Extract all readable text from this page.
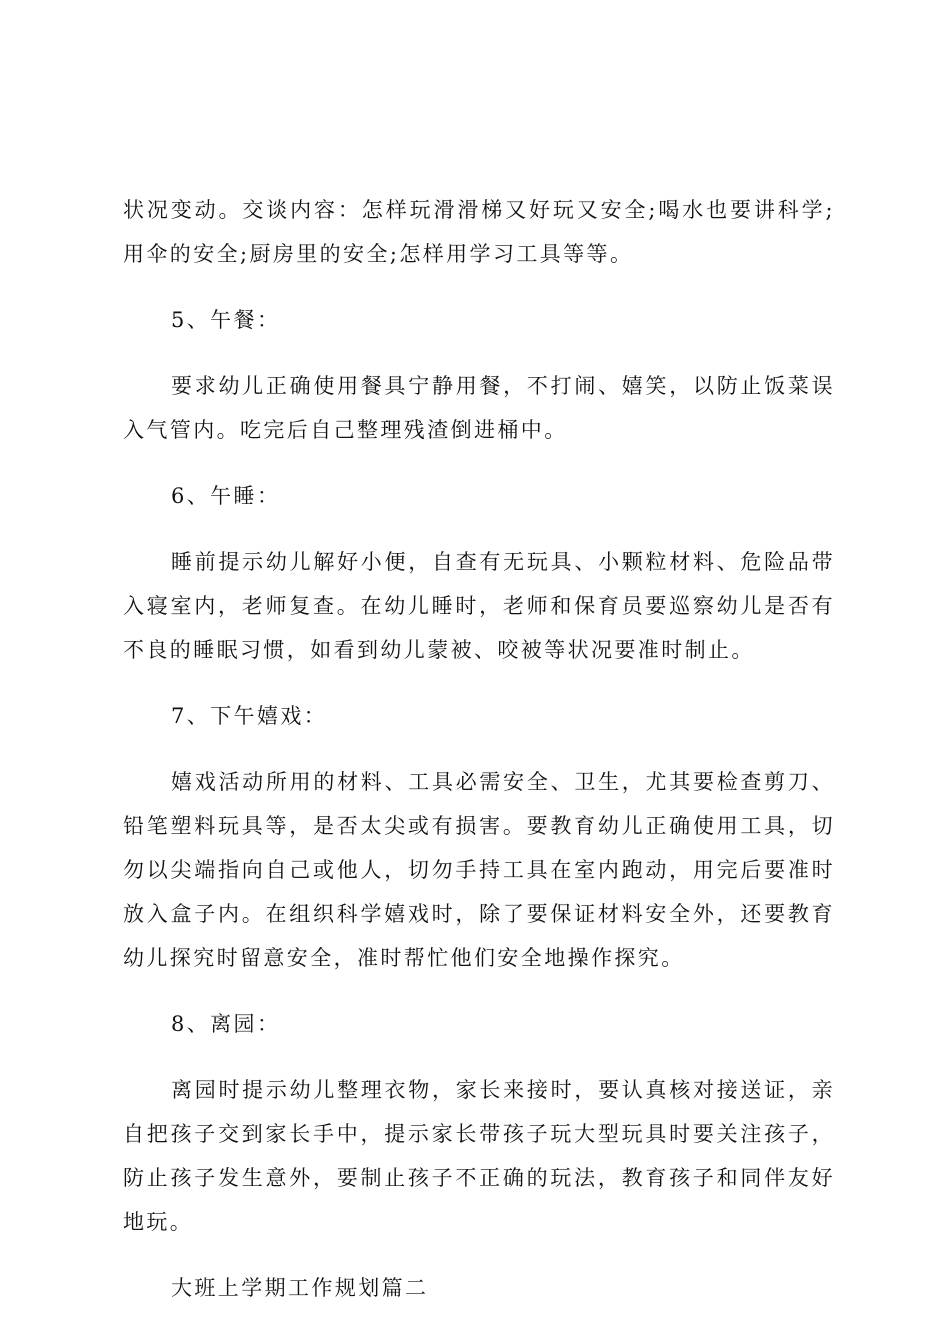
状况变动。交谈内容：怎样玩滑滑梯又好玩又安全;喝水也要讲科学;用伞的安全;厨房里的安全;怎样用学习工具等等。

5、午餐：

要求幼儿正确使用餐具宁静用餐，不打闹、嬉笑，以防止饭菜误入气管内。吃完后自己整理残渣倒进桶中。

6、午睡：

睡前提示幼儿解好小便，自查有无玩具、小颗粒材料、危险品带入寝室内，老师复查。在幼儿睡时，老师和保育员要巡察幼儿是否有不良的睡眠习惯，如看到幼儿蒙被、咬被等状况要准时制止。

7、下午嬉戏：

嬉戏活动所用的材料、工具必需安全、卫生，尤其要检查剪刀、铅笔塑料玩具等，是否太尖或有损害。要教育幼儿正确使用工具，切勿以尖端指向自己或他人，切勿手持工具在室内跑动，用完后要准时放入盒子内。在组织科学嬉戏时，除了要保证材料安全外，还要教育幼儿探究时留意安全，准时帮忙他们安全地操作探究。

8、离园：

离园时提示幼儿整理衣物，家长来接时，要认真核对接送证，亲自把孩子交到家长手中，提示家长带孩子玩大型玩具时要关注孩子，防止孩子发生意外，要制止孩子不正确的玩法，教育孩子和同伴友好地玩。

大班上学期工作规划篇二
